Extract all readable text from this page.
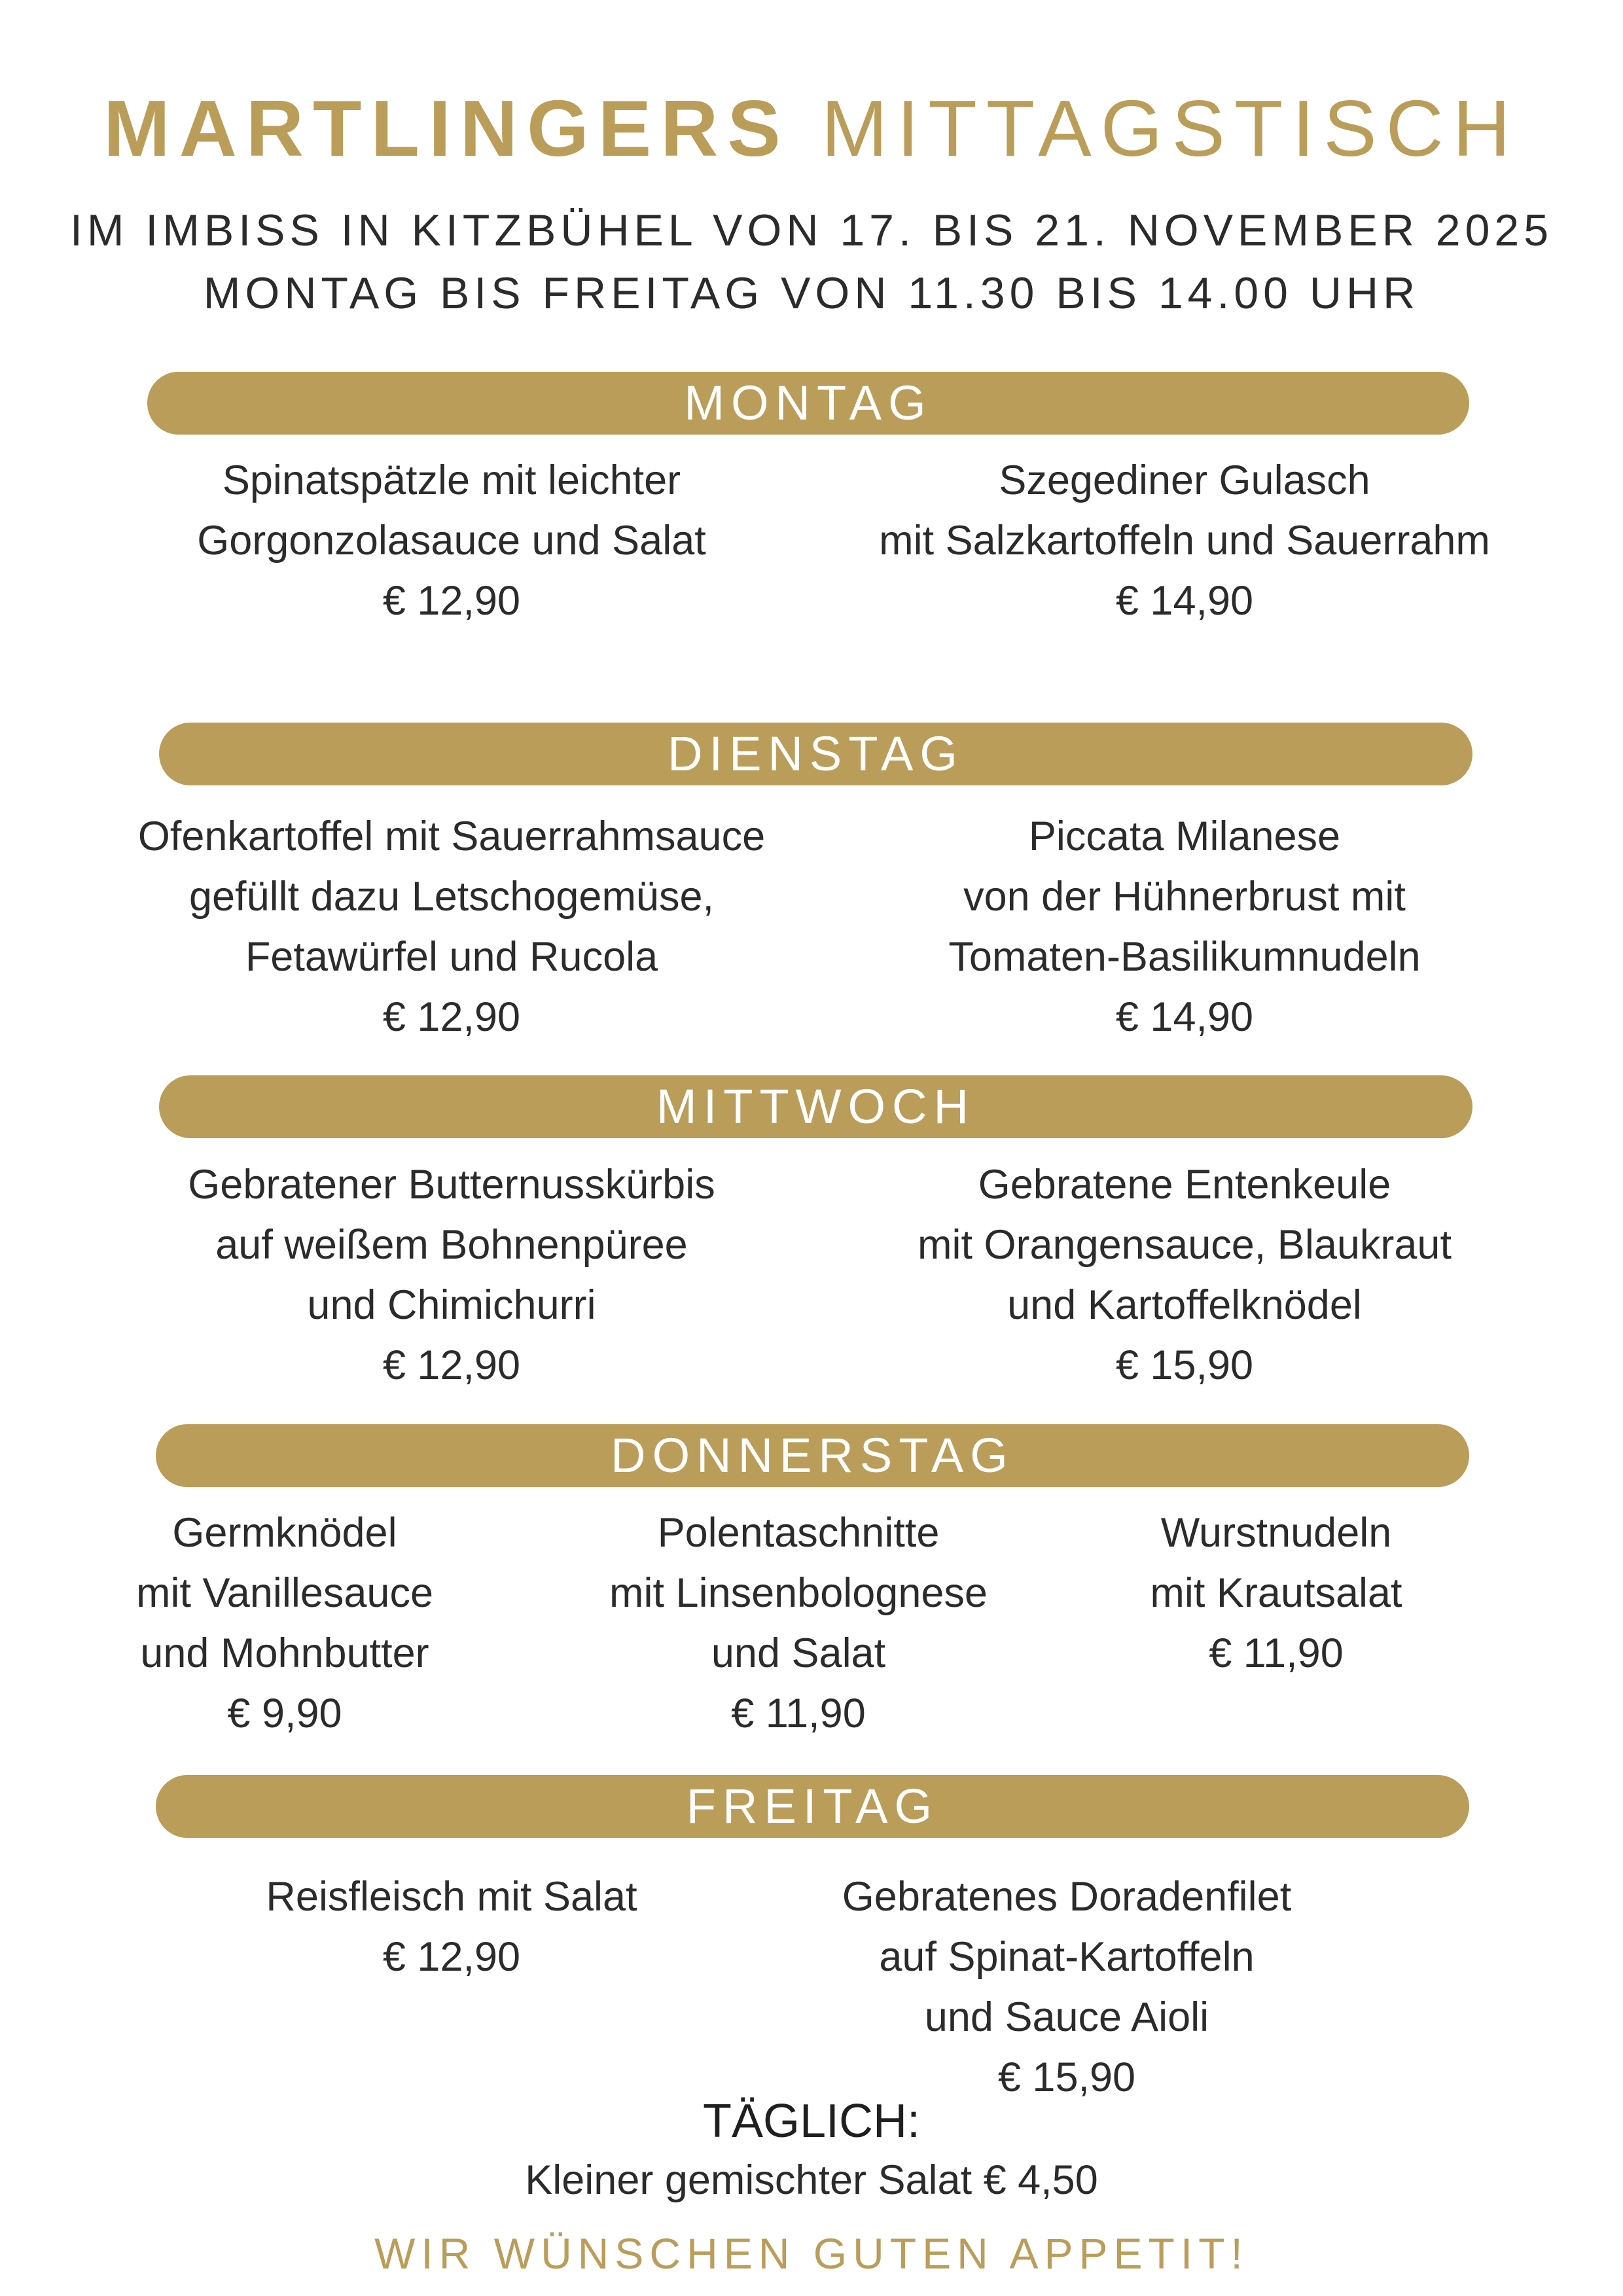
MARTLINGERS MITTAGSTISCH
IM IMBISS IN KITZBÜHEL VON 17. BIS 21. NOVEMBER 2025
MONTAG BIS FREITAG VON 11.30 BIS 14.00 UHR
MONTAG
Spinatspätzle mit leichter
Gorgonzolasauce und Salat
€ 12,90
Szegediner Gulasch
mit Salzkartoffeln und Sauerrahm
€ 14,90
DIENSTAG
Ofenkartoffel mit Sauerrahmsauce
gefüllt dazu Letschogemüse,
Fetawürfel und Rucola
€ 12,90
Piccata Milanese
von der Hühnerbrust mit
Tomaten-Basilikumnudeln
€ 14,90
MITTWOCH
Gebratener Butternusskürbis
auf weißem Bohnenpüree
und Chimichurri
€ 12,90
Gebratene Entenkeule
mit Orangensauce, Blaukraut
und Kartoffelknödel
€ 15,90
DONNERSTAG
Germknödel
mit Vanillesauce
und Mohnbutter
€ 9,90
Polentaschnitte
mit Linsenbolognese
und Salat
€ 11,90
Wurstnudeln
mit Krautsalat
€ 11,90
FREITAG
Reisfleisch mit Salat
€ 12,90
Gebratenes Doradenfilet
auf Spinat-Kartoffeln
und Sauce Aioli
€ 15,90
TÄGLICH:
Kleiner gemischter Salat € 4,50
WIR WÜNSCHEN GUTEN APPETIT!
